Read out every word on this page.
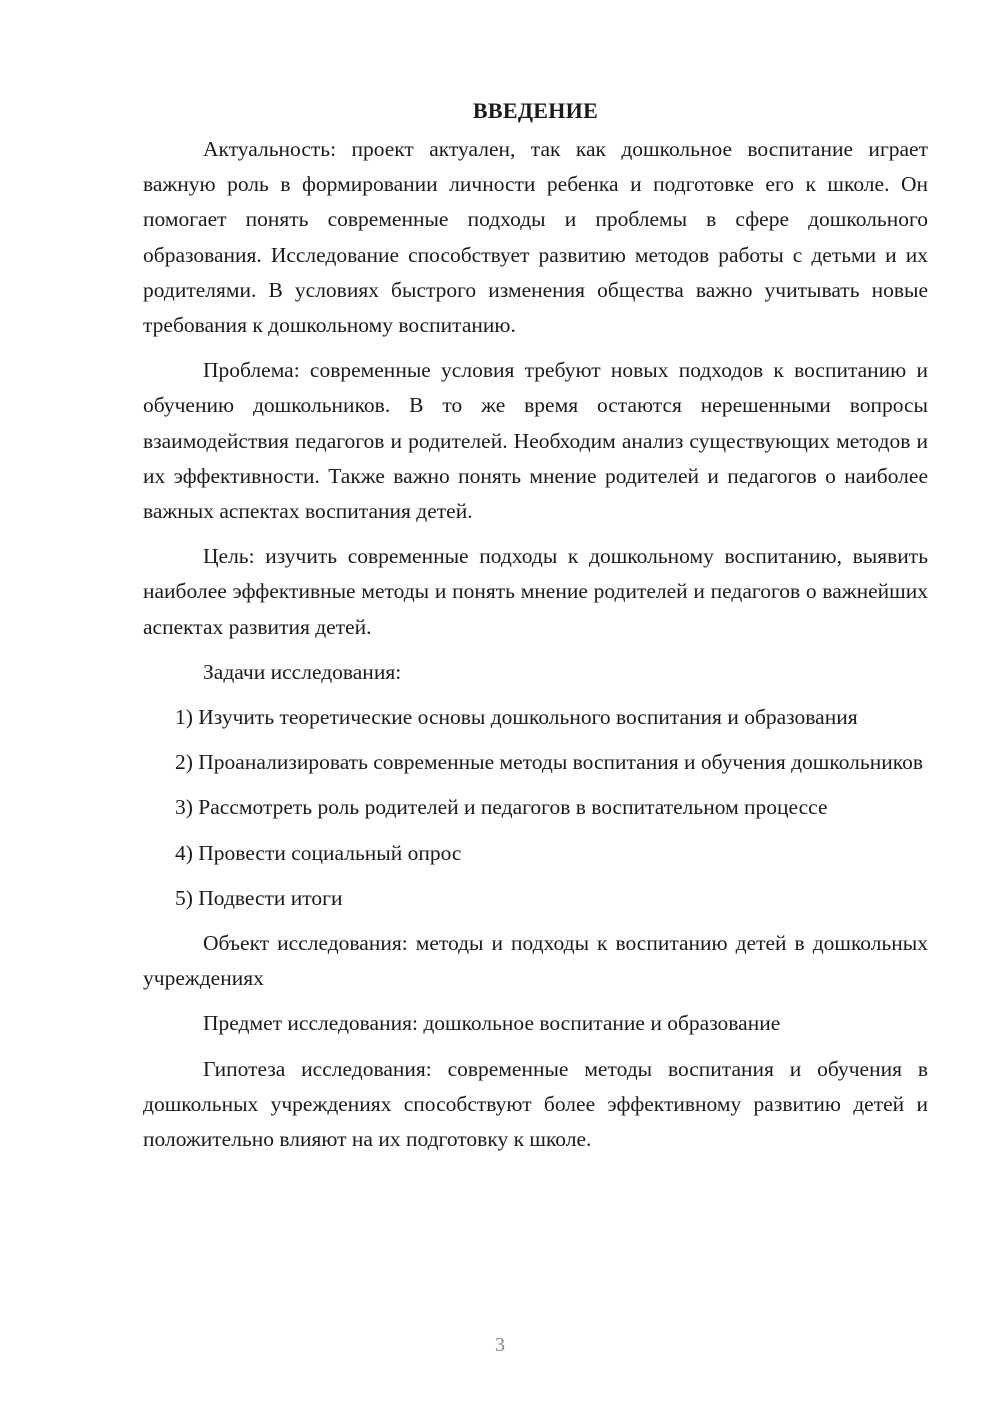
ВВЕДЕНИЕ

Актуальность: проект актуален, так как дошкольное воспитание играет важную роль в формировании личности ребенка и подготовке его к школе. Он помогает понять современные подходы и проблемы в сфере дошкольного образования. Исследование способствует развитию методов работы с детьми и их родителями. В условиях быстрого изменения общества важно учитывать новые требования к дошкольному воспитанию.

Проблема: современные условия требуют новых подходов к воспитанию и обучению дошкольников. В то же время остаются нерешенными вопросы взаимодействия педагогов и родителей. Необходим анализ существующих методов и их эффективности. Также важно понять мнение родителей и педагогов о наиболее важных аспектах воспитания детей.

Цель: изучить современные подходы к дошкольному воспитанию, выявить наиболее эффективные методы и понять мнение родителей и педагогов о важнейших аспектах развития детей.

Задачи исследования:

1) Изучить теоретические основы дошкольного воспитания и образования

2) Проанализировать современные методы воспитания и обучения дошкольников

3) Рассмотреть роль родителей и педагогов в воспитательном процессе

4) Провести социальный опрос

5) Подвести итоги

Объект исследования: методы и подходы к воспитанию детей в дошкольных учреждениях

Предмет исследования: дошкольное воспитание и образование

Гипотеза исследования: современные методы воспитания и обучения в дошкольных учреждениях способствуют более эффективному развитию детей и положительно влияют на их подготовку к школе.

3
